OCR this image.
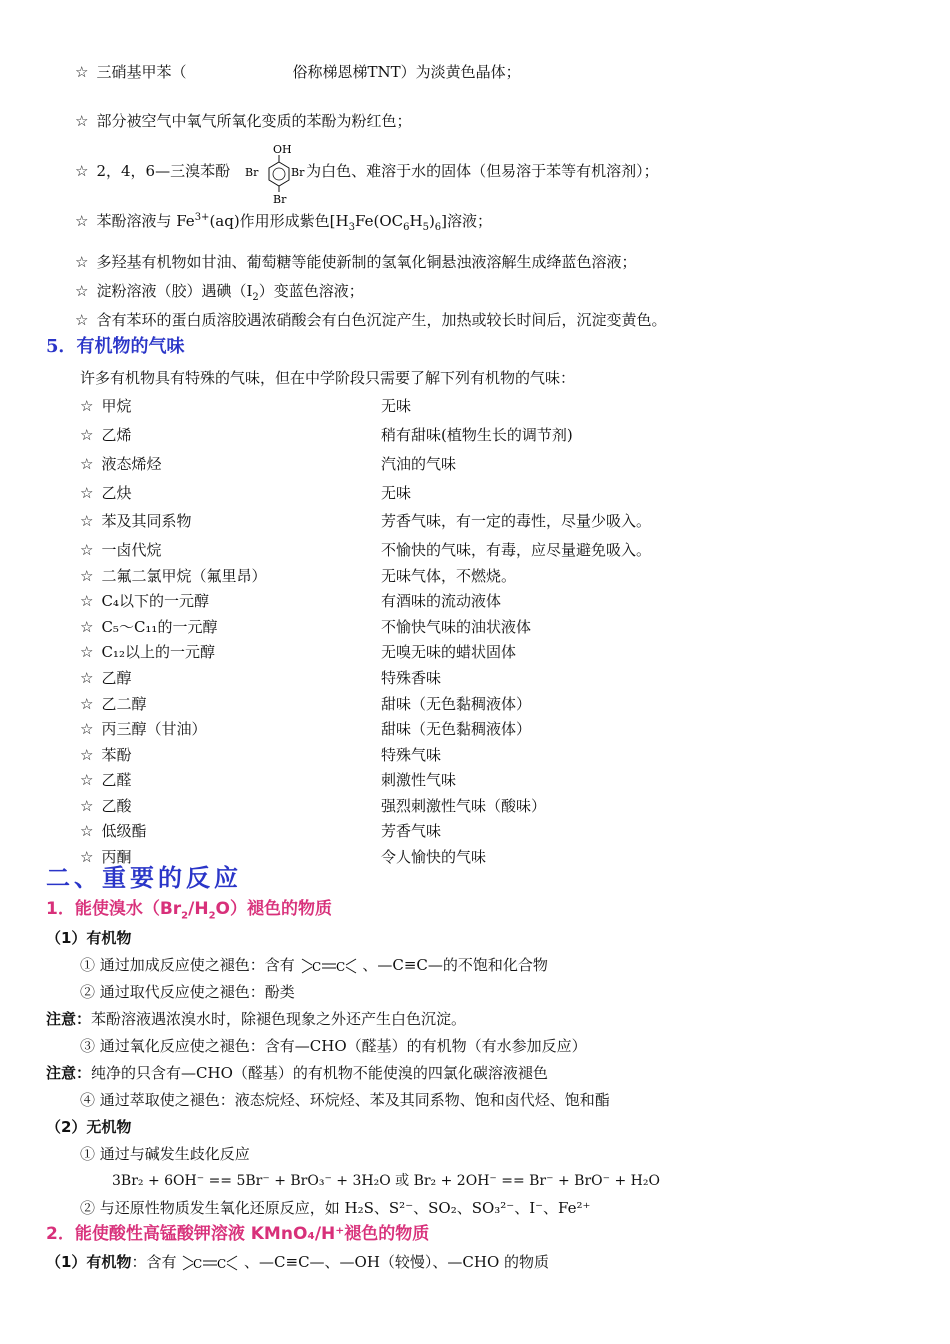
☆ 三硝基甲苯（	俗称梯恩梯TNT）为淡黄色晶体；
☆ 部分被空气中氧气所氧化变质的苯酚为粉红色；
☆ 2，4，6—三溴苯酚	为白色、难溶于水的固体（但易溶于苯等有机溶剂）；
OH
Br	Br
Br
☆ 苯酚溶液与 $Fe^{3+}(aq)$作用形成紫色$[H_3Fe(OC_6H_5)_6]$溶液；
☆ 多羟基有机物如甘油、葡萄糖等能使新制的氢氧化铜悬浊液溶解生成绛蓝色溶液；
☆ 淀粉溶液（胶）遇碘$(I_2)$变蓝色溶液；
☆ 含有苯环的蛋白质溶胶遇浓硝酸会有白色沉淀产生，加热或较长时间后，沉淀变黄色。
5．有机物的气味
许多有机物具有特殊的气味，但在中学阶段只需要了解下列有机物的气味：
☆ 甲烷	无味
☆ 乙烯	稍有甜味(植物生长的调节剂)
☆ 液态烯烃	汽油的气味
☆ 乙炔	无味
☆ 苯及其同系物	芳香气味，有一定的毒性，尽量少吸入。
☆ 一卤代烷	不愉快的气味，有毒，应尽量避免吸入。
☆ 二氟二氯甲烷（氟里昂）	无味气体，不燃烧。
☆ C₄以下的一元醇	有酒味的流动液体
☆ C₅～C₁₁的一元醇	不愉快气味的油状液体
☆ C₁₂以上的一元醇	无嗅无味的蜡状固体
☆ 乙醇	特殊香味
☆ 乙二醇	甜味（无色黏稠液体）
☆ 丙三醇（甘油）	甜味（无色黏稠液体）
☆ 苯酚	特殊气味
☆ 乙醛	刺激性气味
☆ 乙酸	强烈刺激性气味（酸味）
☆ 低级酯	芳香气味
☆ 丙酮	令人愉快的气味
二、重要的反应
1．能使溴水$(Br_2/H_2O)$褪色的物质
（1）有机物
① 通过加成反应使之褪色：含有 C C 、—C≡C—的不饱和化合物
② 通过取代反应使之褪色：酚类
注意：苯酚溶液遇浓溴水时，除褪色现象之外还产生白色沉淀。
③ 通过氧化反应使之褪色：含有—CHO（醛基）的有机物（有水参加反应）
注意：纯净的只含有—CHO（醛基）的有机物不能使溴的四氯化碳溶液褪色
④ 通过萃取使之褪色：液态烷烃、环烷烃、苯及其同系物、饱和卤代烃、饱和酯
（2）无机物
① 通过与碱发生歧化反应
3Br₂ + 6OH⁻ == 5Br⁻ + BrO₃⁻ + 3H₂O 或 Br₂ + 2OH⁻ == Br⁻ + BrO⁻ + H₂O
② 与还原性物质发生氧化还原反应，如 H₂S、S²⁻、SO₂、SO₃²⁻、I⁻、Fe²⁺
2．能使酸性高锰酸钾溶液 KMnO₄/H⁺褪色的物质
（1）有机物：含有 C C 、—C≡C—、—OH（较慢）、—CHO 的物质
